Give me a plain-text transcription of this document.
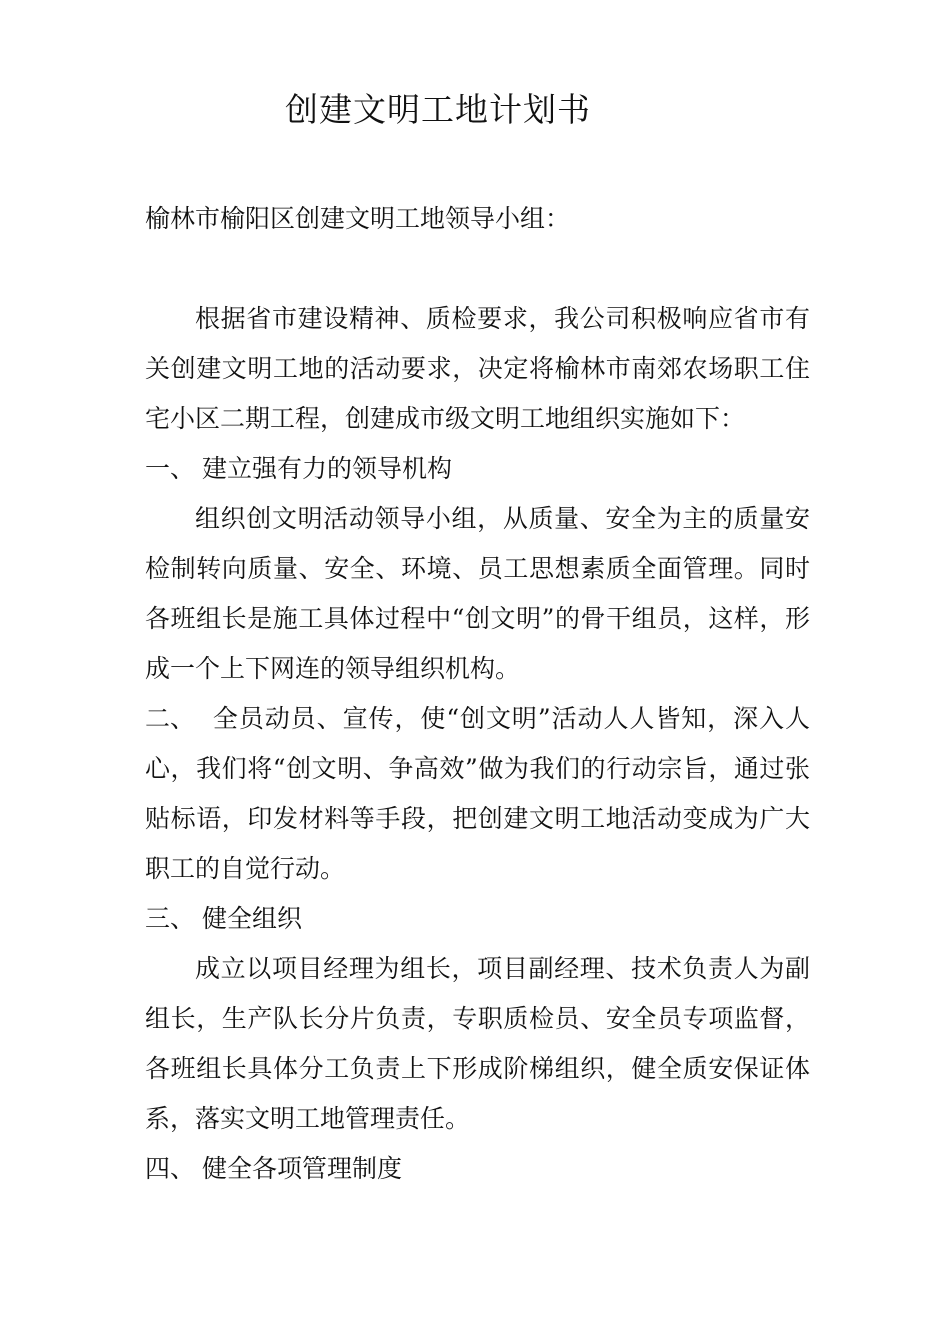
创建文明工地计划书
榆林市榆阳区创建文明工地领导小组：

根据省市建设精神、质检要求，我公司积极响应省市有关创建文明工地的活动要求，决定将榆林市南郊农场职工住宅小区二期工程，创建成市级文明工地组织实施如下：

一、 建立强有力的领导机构

组织创文明活动领导小组，从质量、安全为主的质量安检制转向质量、安全、环境、员工思想素质全面管理。同时各班组长是施工具体过程中“创文明”的骨干组员，这样，形成一个上下网连的领导组织机构。

二、 全员动员、宣传，使“创文明”活动人人皆知，深入人心，我们将“创文明、争高效”做为我们的行动宗旨，通过张贴标语，印发材料等手段，把创建文明工地活动变成为广大职工的自觉行动。

三、 健全组织

成立以项目经理为组长，项目副经理、技术负责人为副组长，生产队长分片负责，专职质检员、安全员专项监督，各班组长具体分工负责上下形成阶梯组织，健全质安保证体系，落实文明工地管理责任。

四、 健全各项管理制度
